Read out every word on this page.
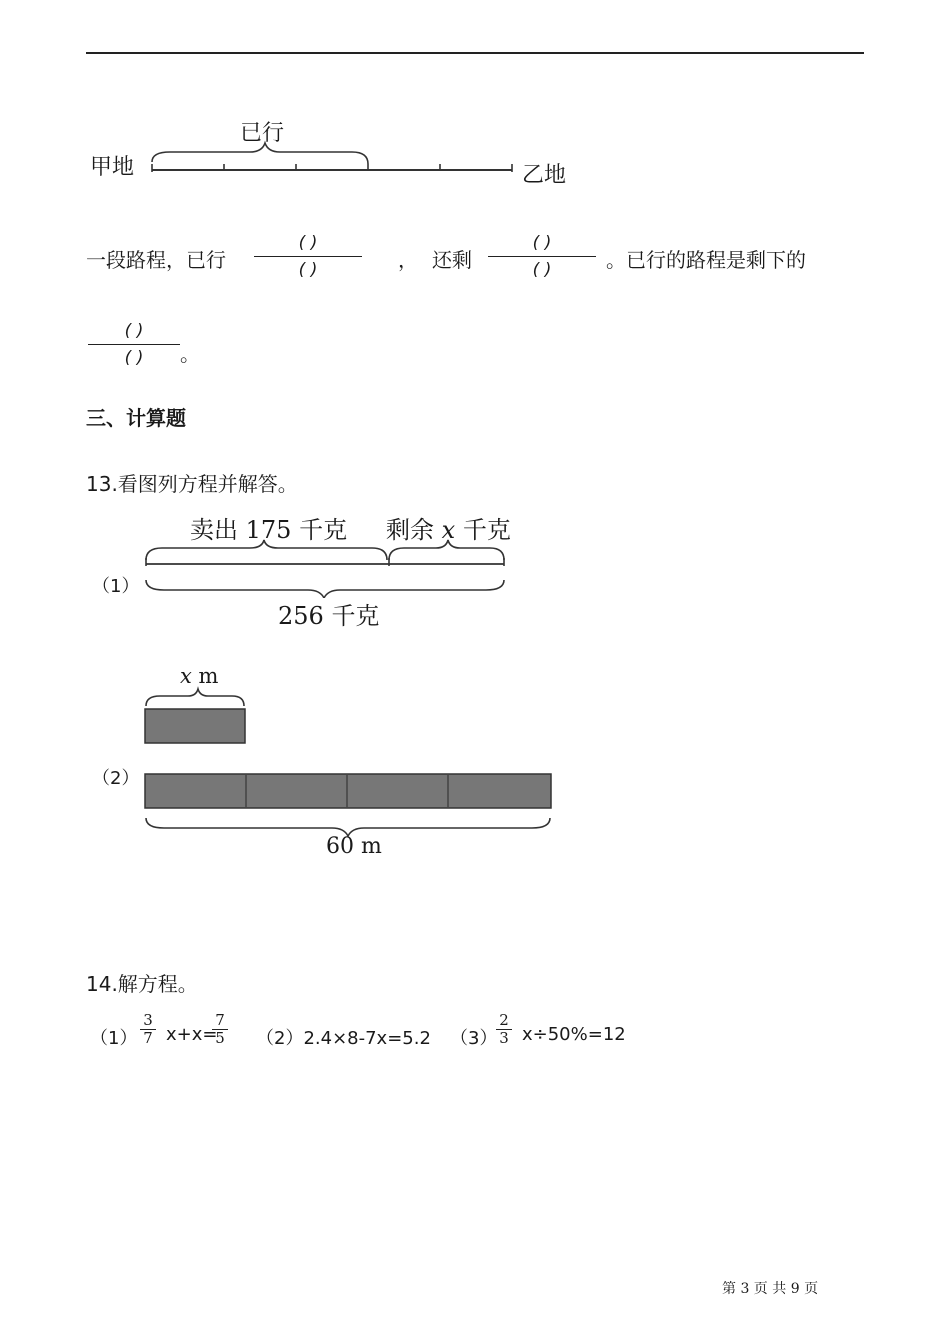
甲地
已行
乙地
一段路程，已行
( )
( )	， 还剩
( )
( )	。已行的路程是剩下的
( )
( )	。
三、计算题
13.看图列方程并解答。
（1）
卖出 175 千克 剩余 x 千克
256 千克
x m
（2）
60 m
14.解方程。
（1）
3
7 x+x=
7
5 （2）2.4×8-7x=5.2 （3）
2
3 x÷50%=12
第 3 页 共 9 页
